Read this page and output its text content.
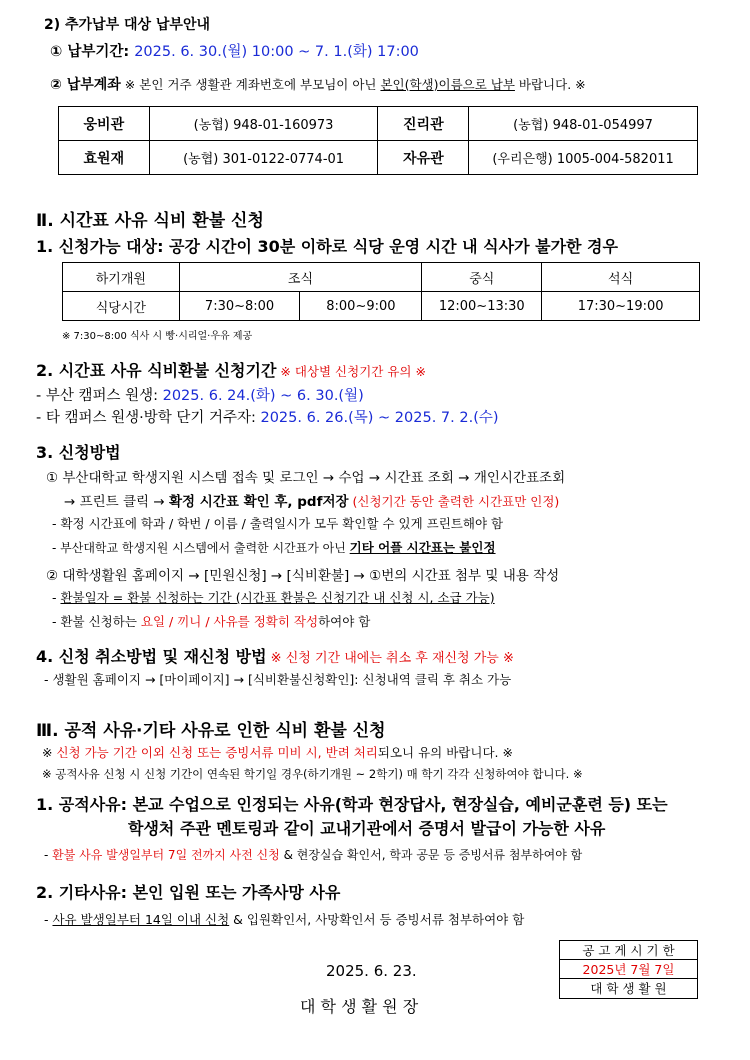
2) 추가납부 대상 납부안내
① 납부기간: 2025. 6. 30.(월) 10:00 ~ 7. 1.(화) 17:00
② 납부계좌 ※ 본인 거주 생활관 계좌번호에 부모님이 아닌 본인(학생)이름으로 납부 바랍니다. ※
웅비관	(농협) 948-01-160973	진리관	(농협) 948-01-054997
효원재	(농협) 301-0122-0774-01	자유관	(우리은행) 1005-004-582011
Ⅱ. 시간표 사유 식비 환불 신청
1. 신청가능 대상: 공강 시간이 30분 이하로 식당 운영 시간 내 식사가 불가한 경우
하기개원	조식		중식	석식
식당시간	7:30~8:00	8:00~9:00	12:00~13:30	17:30~19:00
※ 7:30~8:00 식사 시 빵·시리얼·우유 제공
2. 시간표 사유 식비환불 신청기간 ※ 대상별 신청기간 유의 ※
- 부산 캠퍼스 원생: 2025. 6. 24.(화) ~ 6. 30.(월)
- 타 캠퍼스 원생·방학 단기 거주자: 2025. 6. 26.(목) ~ 2025. 7. 2.(수)
3. 신청방법
① 부산대학교 학생지원 시스템 접속 및 로그인 → 수업 → 시간표 조회 → 개인시간표조회
→ 프린트 클릭 → 확정 시간표 확인 후, pdf저장 (신청기간 동안 출력한 시간표만 인정)
- 확정 시간표에 학과 / 학번 / 이름 / 출력일시가 모두 확인할 수 있게 프린트해야 함
- 부산대학교 학생지원 시스템에서 출력한 시간표가 아닌 기타 어플 시간표는 불인정
② 대학생활원 홈페이지 → [민원신청] → [식비환불] → ①번의 시간표 첨부 및 내용 작성
- 환불일자 = 환불 신청하는 기간 (시간표 환불은 신청기간 내 신청 시, 소급 가능)
- 환불 신청하는 요일 / 끼니 / 사유를 정확히 작성하여야 함
4. 신청 취소방법 및 재신청 방법 ※ 신청 기간 내에는 취소 후 재신청 가능 ※
- 생활원 홈페이지 → [마이페이지] → [식비환불신청확인]: 신청내역 클릭 후 취소 가능
Ⅲ. 공적 사유·기타 사유로 인한 식비 환불 신청
※ 신청 가능 기간 이외 신청 또는 증빙서류 미비 시, 반려 처리되오니 유의 바랍니다. ※
※ 공적사유 신청 시 신청 기간이 연속된 학기일 경우(하기개원 ~ 2학기) 매 학기 각각 신청하여야 합니다. ※
1. 공적사유: 본교 수업으로 인정되는 사유(학과 현장답사, 현장실습, 예비군훈련 등) 또는
학생처 주관 멘토링과 같이 교내기관에서 증명서 발급이 가능한 사유
- 환불 사유 발생일부터 7일 전까지 사전 신청 & 현장실습 확인서, 학과 공문 등 증빙서류 첨부하여야 함
2. 기타사유: 본인 입원 또는 가족사망 사유
- 사유 발생일부터 14일 이내 신청 & 입원확인서, 사망확인서 등 증빙서류 첨부하여야 함
2025. 6. 23.
대 학 생 활 원 장
공 고 게 시 기 한
2025년 7월 7일
대 학 생 활 원
